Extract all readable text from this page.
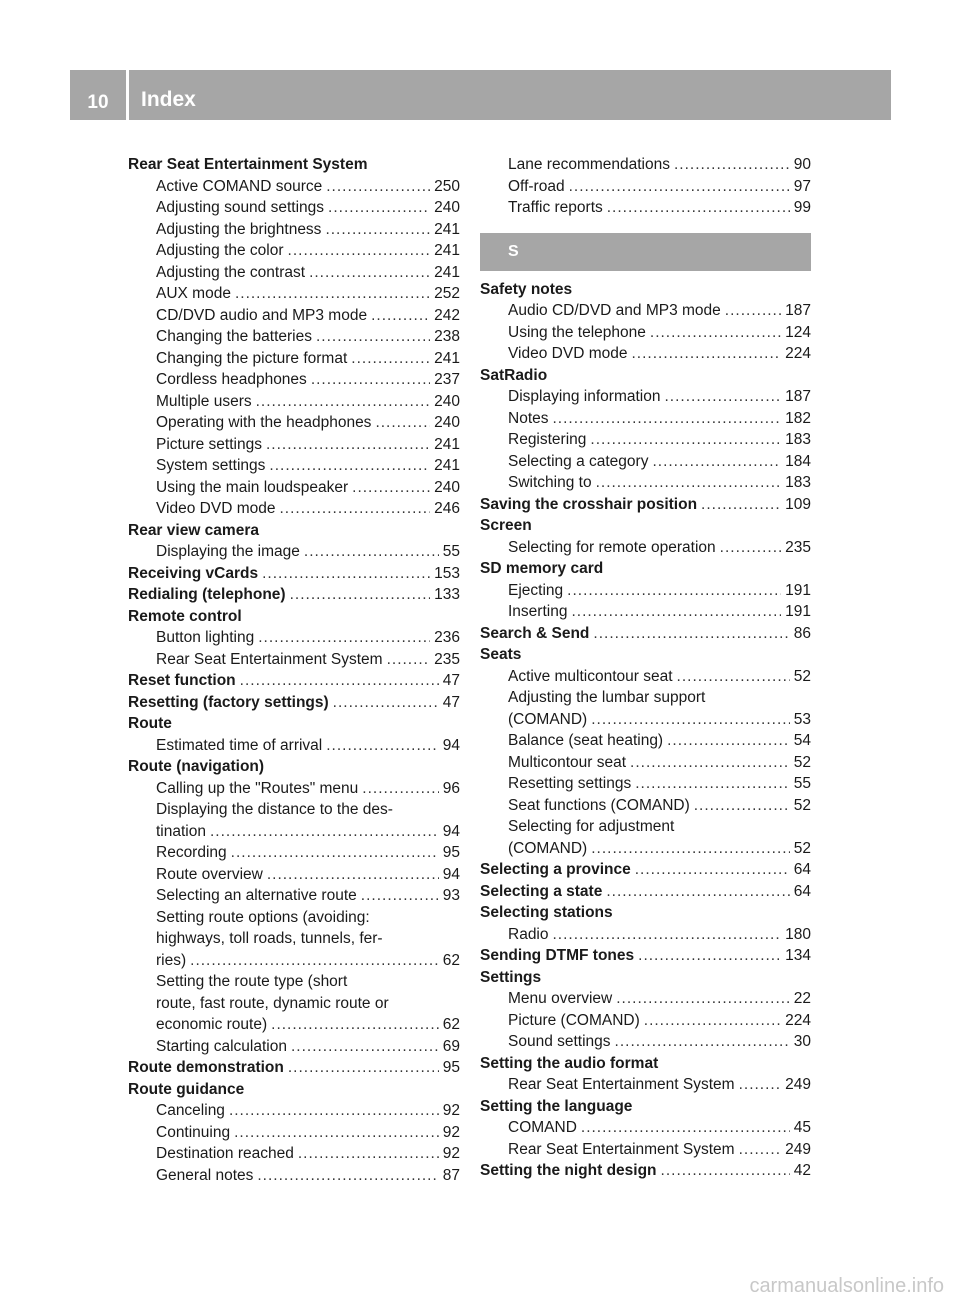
10	Index
Rear Seat Entertainment System
Active COMAND source .....	250
Adjusting sound settings .....	240
Adjusting the brightness .....	241
Adjusting the color .....	241
Adjusting the contrast .....	241
AUX mode .....	252
CD/DVD audio and MP3 mode .....	242
Changing the batteries .....	238
Changing the picture format .....	241
Cordless headphones .....	237
Multiple users .....	240
Operating with the headphones .....	240
Picture settings .....	241
System settings .....	241
Using the main loudspeaker .....	240
Video DVD mode .....	246
Rear view camera
Displaying the image .....	55
Receiving vCards .....	153
Redialing (telephone) .....	133
Remote control
Button lighting .....	236
Rear Seat Entertainment System .....	235
Reset function .....	47
Resetting (factory settings) .....	47
Route
Estimated time of arrival .....	94
Route (navigation)
Calling up the "Routes" menu .....	96
Displaying the distance to the des-
tination .....	94
Recording .....	95
Route overview .....	94
Selecting an alternative route .....	93
Setting route options (avoiding:
highways, toll roads, tunnels, fer-
ries) .....	62
Setting the route type (short
route, fast route, dynamic route or
economic route) .....	62
Starting calculation .....	69
Route demonstration .....	95
Route guidance
Canceling .....	92
Continuing .....	92
Destination reached .....	92
General notes .....	87
Lane recommendations .....	90
Off-road .....	97
Traffic reports .....	99
S
Safety notes
Audio CD/DVD and MP3 mode .....	187
Using the telephone .....	124
Video DVD mode .....	224
SatRadio
Displaying information .....	187
Notes .....	182
Registering .....	183
Selecting a category .....	184
Switching to .....	183
Saving the crosshair position .....	109
Screen
Selecting for remote operation .....	235
SD memory card
Ejecting .....	191
Inserting .....	191
Search & Send .....	86
Seats
Active multicontour seat .....	52
Adjusting the lumbar support
(COMAND) .....	53
Balance (seat heating) .....	54
Multicontour seat .....	52
Resetting settings .....	55
Seat functions (COMAND) .....	52
Selecting for adjustment
(COMAND) .....	52
Selecting a province .....	64
Selecting a state .....	64
Selecting stations
Radio .....	180
Sending DTMF tones .....	134
Settings
Menu overview .....	22
Picture (COMAND) .....	224
Sound settings .....	30
Setting the audio format
Rear Seat Entertainment System .....	249
Setting the language
COMAND .....	45
Rear Seat Entertainment System .....	249
Setting the night design .....	42
carmanualsonline.info
